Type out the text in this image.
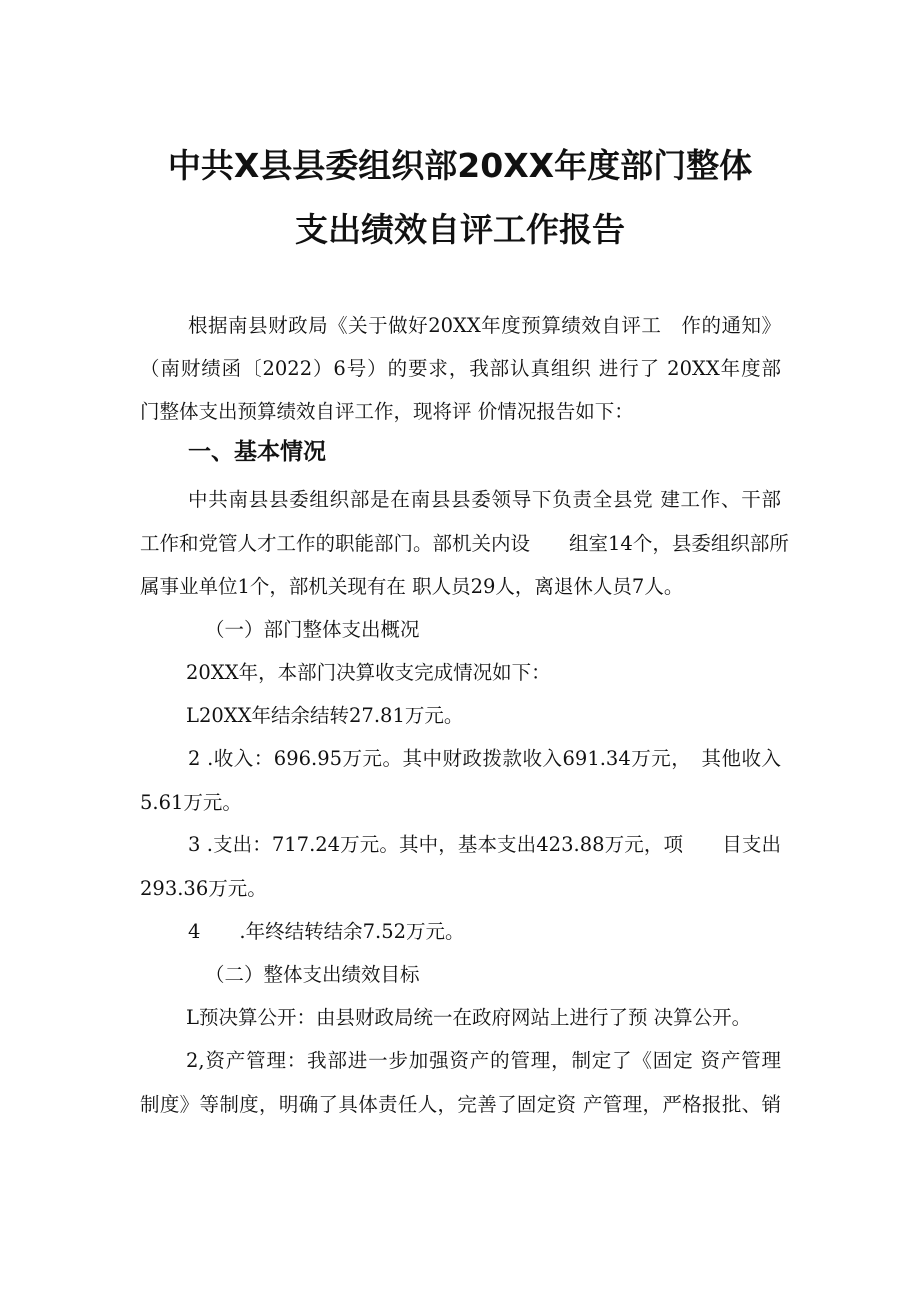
中共X县县委组织部20XX年度部门整体
支出绩效自评工作报告
根据南县财政局《关于做好20XX年度预算绩效自评工　作的通知》
（南财绩函〔2022）6号）的要求，我部认真组织 进行了 20XX年度部
门整体支出预算绩效自评工作，现将评 价情况报告如下：
一、基本情况
中共南县县委组织部是在南县县委领导下负责全县党 建工作、干部
工作和党管人才工作的职能部门。部机关内设　　组室14个，县委组织部所
属事业单位1个，部机关现有在 职人员29人，离退休人员7人。
（一）部门整体支出概况
20XX年，本部门决算收支完成情况如下：
L20XX年结余结转27.81万元。
2 .收入：696.95万元。其中财政拨款收入691.34万元，　其他收入
5.61万元。
3 .支出：717.24万元。其中，基本支出423.88万元，项　　目支出
293.36万元。
4　　.年终结转结余7.52万元。
（二）整体支出绩效目标
L预决算公开：由县财政局统一在政府网站上进行了预 决算公开。
2,资产管理：我部进一步加强资产的管理，制定了《固定 资产管理
制度》等制度，明确了具体责任人，完善了固定资 产管理，严格报批、销
